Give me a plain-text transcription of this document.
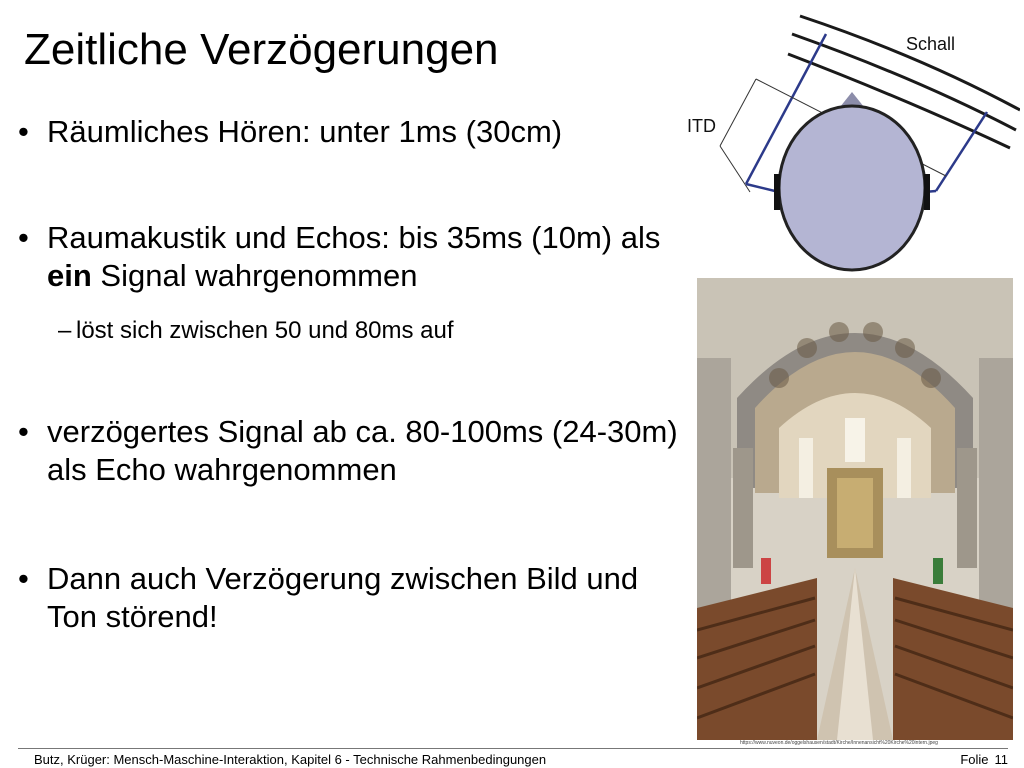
Zeitliche Verzögerungen
• Räumliches Hören: unter 1ms (30cm)
• Raumakustik und Echos: bis 35ms (10m) als ein Signal wahrgenommen
• verzögertes Signal ab ca. 80-100ms (24-30m) als Echo wahrgenommen
• Dann auch Verzögerung zwischen Bild und Ton störend!
– löst sich zwischen 50 und 80ms auf
Schall
ITD
https://www.nuveon.de/oggelshausen/stadt/Kirche/Innenansicht%20Kirche%20intern.jpeg
Butz, Krüger: Mensch-Maschine-Interaktion, Kapitel 6 - Technische Rahmenbedingungen	Folie 11
